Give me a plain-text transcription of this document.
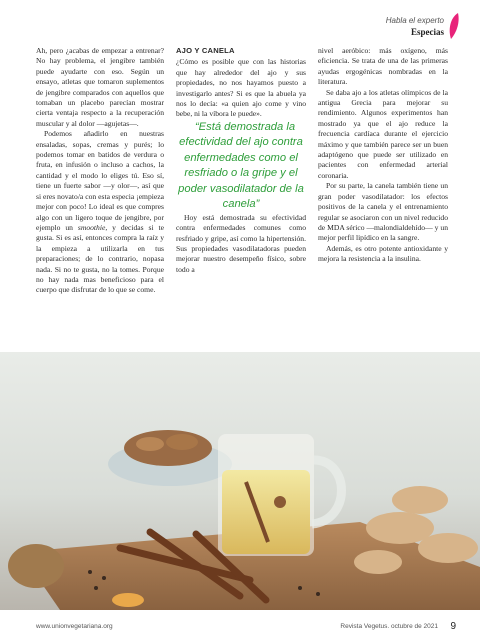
Habla el experto
Especias

Ah, pero ¿acabas de empezar a entrenar? No hay problema, el jengibre también puede ayudarte con eso. Según un ensayo, atletas que tomaron suplementos de jengibre comparados con aquellos que tomaban un placebo parecían mostrar cierta ventaja respecto a la recuperación muscular y al dolor —agujetas—.

Podemos añadirlo en nuestras ensaladas, sopas, cremas y purés; lo podemos tomar en batidos de verdura o fruta, en infusión o incluso a cachos, la cantidad y el modo lo eliges tú. Eso sí, tiene un fuerte sabor —y olor—, así que si eres novato/a con esta especia ¡empieza mejor con poco! Lo ideal es que compres algo con un ligero toque de jengibre, por ejemplo un smoothie, y decidas si te gusta. Si es así, entonces compra la raíz y la empieza a utilizarla en tus preparaciones; de lo contrario, nopasa nada. Si no te gusta, no la tomes. Porque no hay nada mas beneficioso para el cuerpo que disfrutar de lo que se come.

AJO Y CANELA

¿Cómo es posible que con las historias que hay alrededor del ajo y sus propiedades, no nos hayamos puesto a investigarlo antes? Si es que la abuela ya nos lo decía: «a quien ajo come y vino bebe, ni la víbora le puede».

“Está demostrada la efectividad del ajo contra enfermedades como el resfriado o la gripe y el poder vasodilatador de la canela”

Hoy está demostrada su efectividad contra enfermedades comunes como resfriado y gripe, así como la hipertensión. Sus propiedades vasodilatadoras pueden mejorar nuestro desempeño físico, sobre todo a

nivel aeróbico: más oxígeno, más eficiencia. Se trata de una de las primeras ayudas ergogénicas nombradas en la literatura.

Se daba ajo a los atletas olímpicos de la antigua Grecia para mejorar su rendimiento. Algunos experimentos han mostrado ya que el ajo reduce la frecuencia cardíaca durante el ejercicio máximo y que también parece ser un buen adaptógeno que puede ser utilizado en pacientes con enfermedad arterial coronaria.

Por su parte, la canela también tiene un gran poder vasodilatador: los efectos positivos de la canela y el entrenamiento regular se asociaron con un nivel reducido de MDA sérico —malondialdehído— y un mejor perfil lipídico en la sangre.

Además, es otro potente antioxidante y mejora la resistencia a la insulina.

www.unionvegetariana.org	Revista Vegetus. octubre de 2021 9
